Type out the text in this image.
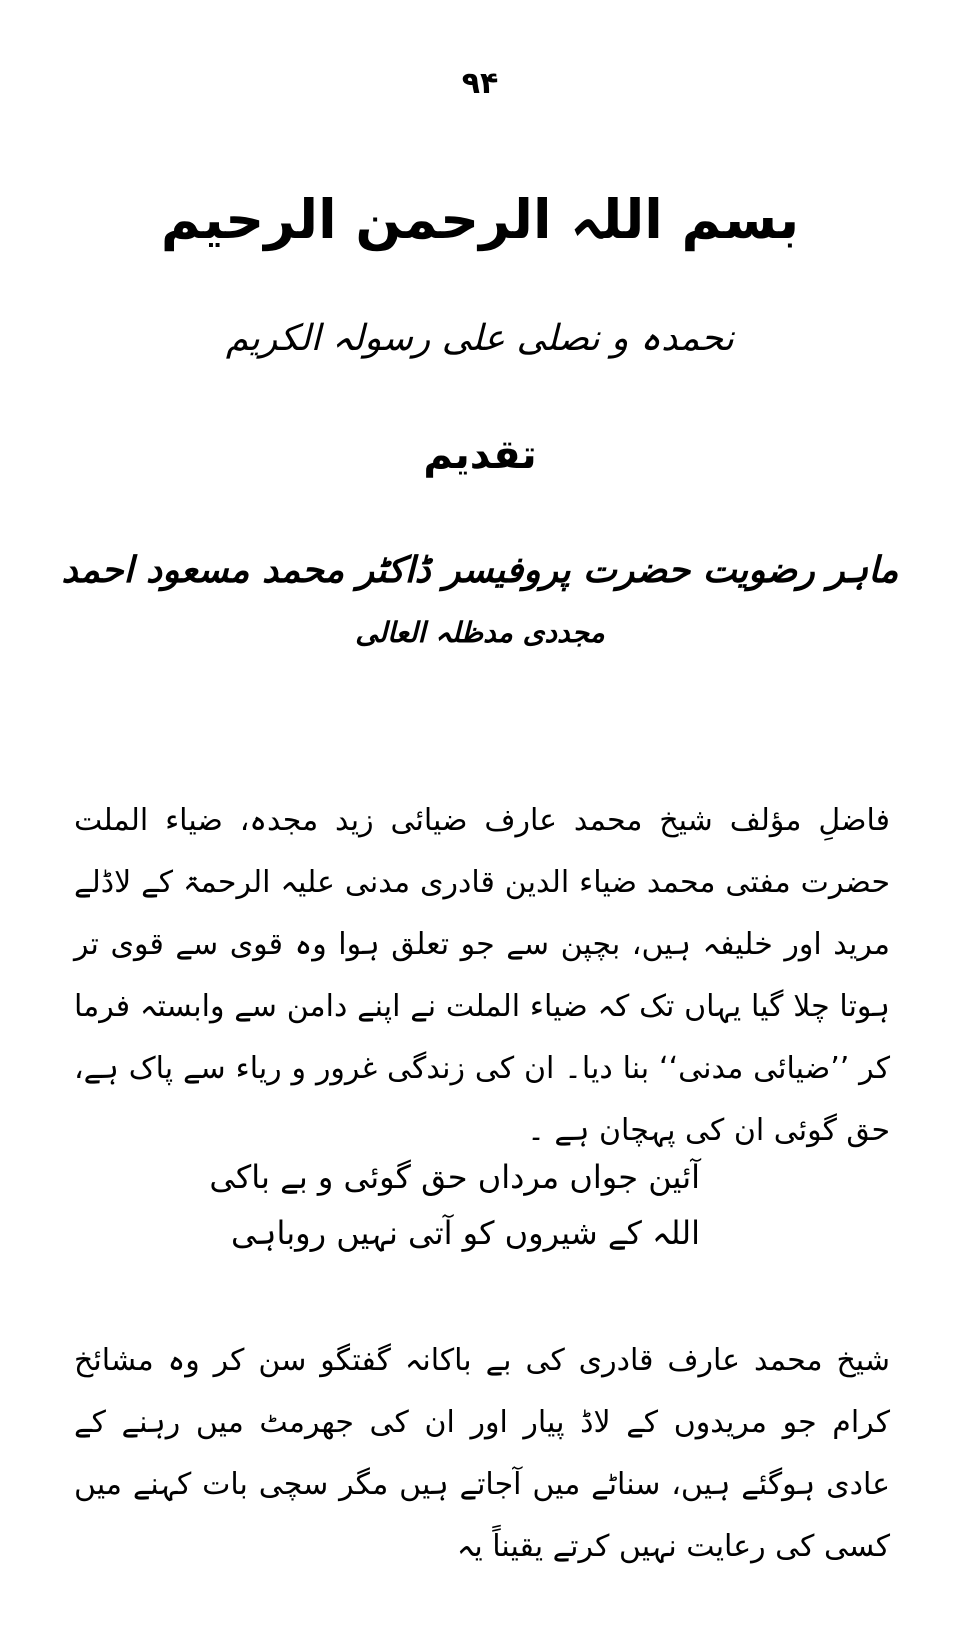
۹۴
بسم اللہ الرحمن الرحیم
نحمدہ و نصلی علی رسولہ الکریم
تقدیم
ماہر رضویت حضرت پروفیسر ڈاکٹر محمد مسعود احمد
مجددی مدظلہ العالی

فاضلِ مؤلف شیخ محمد عارف ضیائی زید مجدہ، ضیاء الملت حضرت مفتی محمد ضیاء الدین قادری مدنی علیہ الرحمۃ کے لاڈلے مرید اور خلیفہ ہیں، بچپن سے جو تعلق ہوا وہ قوی سے قوی تر ہوتا چلا گیا یہاں تک کہ ضیاء الملت نے اپنے دامن سے وابستہ فرما کر ’’ضیائی مدنی‘‘ بنا دیا۔ ان کی زندگی غرور و ریاء سے پاک ہے، حق گوئی ان کی پہچان ہے ۔

آئین جواں مرداں حق گوئی و بے باکی
اللہ کے شیروں کو آتی نہیں روباہی

شیخ محمد عارف قادری کی بے باکانہ گفتگو سن کر وہ مشائخ کرام جو مریدوں کے لاڈ پیار اور ان کی جھرمٹ میں رہنے کے عادی ہوگئے ہیں، سناٹے میں آجاتے ہیں مگر سچی بات کہنے میں کسی کی رعایت نہیں کرتے یقیناً یہ
